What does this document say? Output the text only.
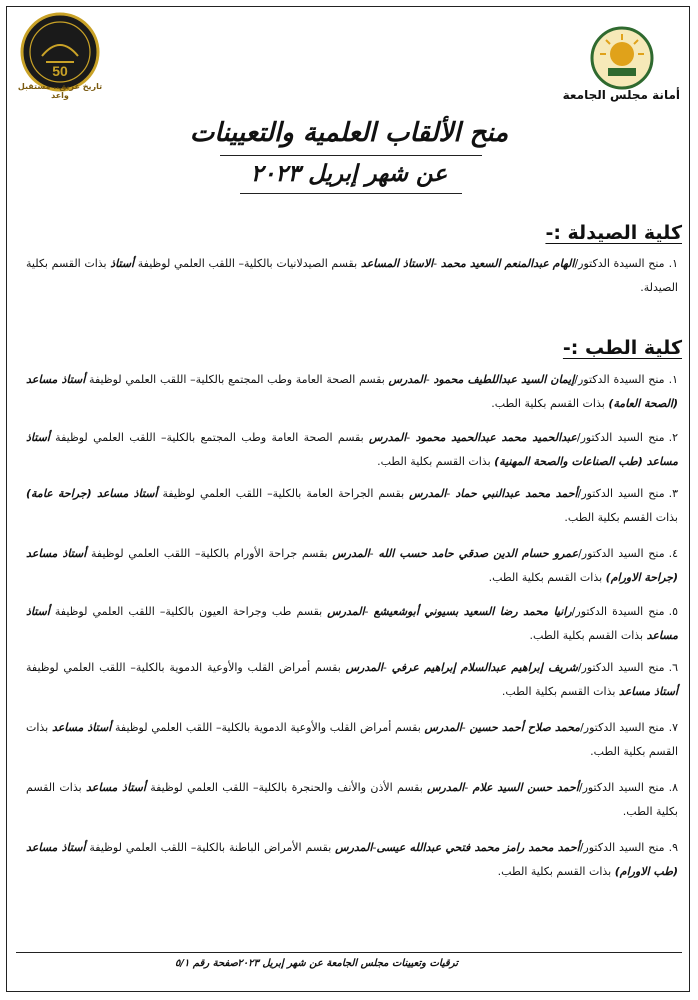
50
تاريخ عريق.. مستقبل واعد	أمانة مجلس الجامعة
منح الألقاب العلمية والتعيينات
عن شهر إبريل ٢٠٢٣
كلية الصيدلة :-
١.منح السيدة الدكتور/الهام عبدالمنعم السعيد محمد -الاستاذ المساعد بقسم الصيدلانيات بالكلية– اللقب العلمي لوظيفة أستاذ بذات القسم بكلية الصيدلة.
كلية الطب :-
١.منح السيدة الدكتور/إيمان السيد عبداللطيف محمود -المدرس بقسم الصحة العامة وطب المجتمع بالكلية– اللقب العلمي لوظيفة أستاذ مساعد (الصحة العامة) بذات القسم بكلية الطب.
٢.منح السيد الدكتور/عبدالحميد محمد عبدالحميد محمود -المدرس بقسم الصحة العامة وطب المجتمع بالكلية– اللقب العلمي لوظيفة أستاذ مساعد (طب الصناعات والصحة المهنية) بذات القسم بكلية الطب.
٣.منح السيد الدكتور/أحمد محمد عبدالنبي حماد -المدرس بقسم الجراحة العامة بالكلية– اللقب العلمي لوظيفة أستاذ مساعد (جراحة عامة) بذات القسم بكلية الطب.
٤.منح السيد الدكتور/عمرو حسام الدين صدقي حامد حسب الله -المدرس بقسم جراحة الأورام بالكلية– اللقب العلمي لوظيفة أستاذ مساعد (جراحة الاورام) بذات القسم بكلية الطب.
٥.منح السيدة الدكتور/رانيا محمد رضا السعيد بسيوني أبوشعيشع -المدرس بقسم طب وجراحة العيون بالكلية– اللقب العلمي لوظيفة أستاذ مساعد بذات القسم بكلية الطب.
٦.منح السيد الدكتور/شريف إبراهيم عبدالسلام إبراهيم عرفي -المدرس بقسم أمراض القلب والأوعية الدموية بالكلية– اللقب العلمي لوظيفة أستاذ مساعد بذات القسم بكلية الطب.
٧.منح السيد الدكتور/محمد صلاح أحمد حسين -المدرس بقسم أمراض القلب والأوعية الدموية بالكلية– اللقب العلمي لوظيفة أستاذ مساعد بذات القسم بكلية الطب.
٨.منح السيد الدكتور/أحمد حسن السيد علام -المدرس بقسم الأذن والأنف والحنجرة بالكلية– اللقب العلمي لوظيفة أستاذ مساعد بذات القسم بكلية الطب.
٩.منح السيد الدكتور/أحمد محمد رامز محمد فتحي عبدالله عيسى-المدرس بقسم الأمراض الباطنة بالكلية– اللقب العلمي لوظيفة أستاذ مساعد (طب الاورام) بذات القسم بكلية الطب.
ترقيات وتعيينات مجلس الجامعة عن شهر إبريل ٢٠٢٣
صفحة رقم ٥/١
